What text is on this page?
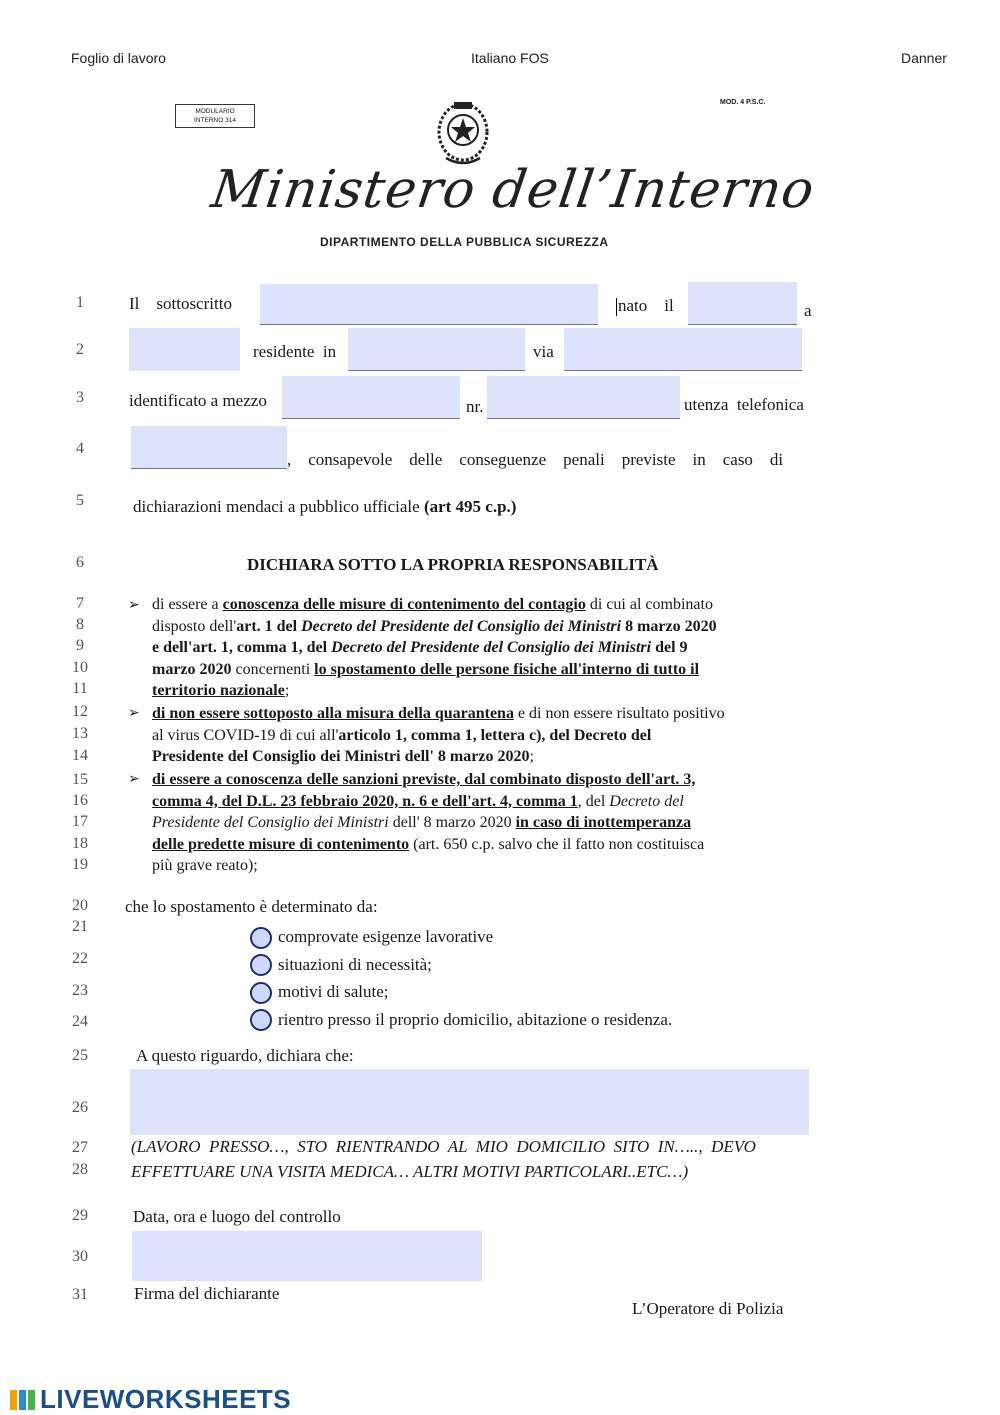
Foglio di lavoro	Italiano FOS	Danner
MODULARIO
INTERNO 314
MOD. 4 P.S.C.
Ministero dell’Interno
DIPARTIMENTO DELLA PUBBLICA SICUREZZA
1
2
3
4
5
6
7
8
9
10
11
12
13
14
15
16
17
18
19
20
21
22
23
24
25
26
27
28
29
30
31
Il    sottoscritto	nato    il	a
residente  in	via
identificato a mezzo	nr.	utenza  telefonica
,    consapevole    delle    conseguenze    penali    previste    in    caso    di
dichiarazioni mendaci a pubblico ufficiale (art 495 c.p.)
DICHIARA SOTTO LA PROPRIA RESPONSABILITÀ
➢
➢
➢
di essere a conoscenza delle misure di contenimento del contagio di cui al combinato
disposto dell'art. 1 del Decreto del Presidente del Consiglio dei Ministri 8 marzo 2020
e dell'art. 1, comma 1, del Decreto del Presidente del Consiglio dei Ministri del 9
marzo 2020 concernenti lo spostamento delle persone fisiche all'interno di tutto il
territorio nazionale;
di non essere sottoposto alla misura della quarantena e di non essere risultato positivo
al virus COVID-19 di cui all'articolo 1, comma 1, lettera c), del Decreto del
Presidente del Consiglio dei Ministri dell' 8 marzo 2020;
di essere a conoscenza delle sanzioni previste, dal combinato disposto dell'art. 3,
comma 4, del D.L. 23 febbraio 2020, n. 6 e dell'art. 4, comma 1, del Decreto del
Presidente del Consiglio dei Ministri dell' 8 marzo 2020 in caso di inottemperanza
delle predette misure di contenimento (art. 650 c.p. salvo che il fatto non costituisca
più grave reato);
che lo spostamento è determinato da:
comprovate esigenze lavorative
situazioni di necessità;
motivi di salute;
rientro presso il proprio domicilio, abitazione o residenza.
A questo riguardo, dichiara che:
(LAVORO  PRESSO…,  STO  RIENTRANDO  AL  MIO  DOMICILIO  SITO  IN…..,  DEVO
EFFETTUARE UNA VISITA MEDICA… ALTRI MOTIVI PARTICOLARI..ETC…)
Data, ora e luogo del controllo
Firma del dichiarante
L’Operatore di Polizia
LIVEWORKSHEETS
